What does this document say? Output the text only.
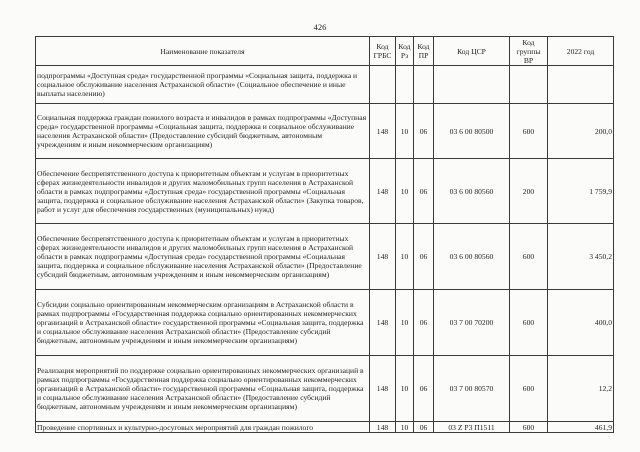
426
Наименование показателя	Код ГРБС	Код Рз	Код ПР	Код ЦСР	Код группы ВР	2022 год
подпрограммы «Доступная среда» государственной программы «Социальная защита, поддержка и социальное обслуживание населения Астраханской области» (Социальное обеспечение и иные выплаты населению)						
Социальная поддержка граждан пожилого возраста и инвалидов в рамках подпрограммы «Доступная среда» государственной программы «Социальная защита, поддержка и социальное обслуживание населения Астраханской области» (Предоставление субсидий бюджетным, автономным учреждениям и иным некоммерческим организациям)	148	10	06	03 6 00 80500	600	200,0
Обеспечение беспрепятственного доступа к приоритетным объектам и услугам в приоритетных сферах жизнедеятельности инвалидов и других маломобильных групп населения в Астраханской области в рамках подпрограммы «Доступная среда» государственной программы «Социальная защита, поддержка и социальное обслуживание населения Астраханской области» (Закупка товаров, работ и услуг для обеспечения государственных (муниципальных) нужд)	148	10	06	03 6 00 80560	200	1 759,9
Обеспечение беспрепятственного доступа к приоритетным объектам и услугам в приоритетных сферах жизнедеятельности инвалидов и других маломобильных групп населения в Астраханской области в рамках подпрограммы «Доступная среда» государственной программы «Социальная защита, поддержка и социальное обслуживание населения Астраханской области» (Предоставление субсидий бюджетным, автономным учреждениям и иным некоммерческим организациям)	148	10	06	03 6 00 80560	600	3 450,2
Субсидии социально ориентированным некоммерческим организациям в Астраханской области в рамках подпрограммы «Государственная поддержка социально ориентированных некоммерческих организаций в Астраханской области» государственной программы «Социальная защита, поддержка и социальное обслуживание населения Астраханской области» (Предоставление субсидий бюджетным, автономным учреждениям и иным некоммерческим организациям)	148	10	06	03 7 00 70200	600	400,0
Реализация мероприятий по поддержке социально ориентированных некоммерческих организаций в рамках подпрограммы «Государственная поддержка социально ориентированных некоммерческих организаций в Астраханской области» государственной программы «Социальная защита, поддержка и социальное обслуживание населения Астраханской области» (Предоставление субсидий бюджетным, автономным учреждениям и иным некоммерческим организациям)	148	10	06	03 7 00 80570	600	12,2
Проведение спортивных и культурно-досуговых мероприятий для граждан пожилого	148	10	06	03 Z P3 П1511	600	461,9
